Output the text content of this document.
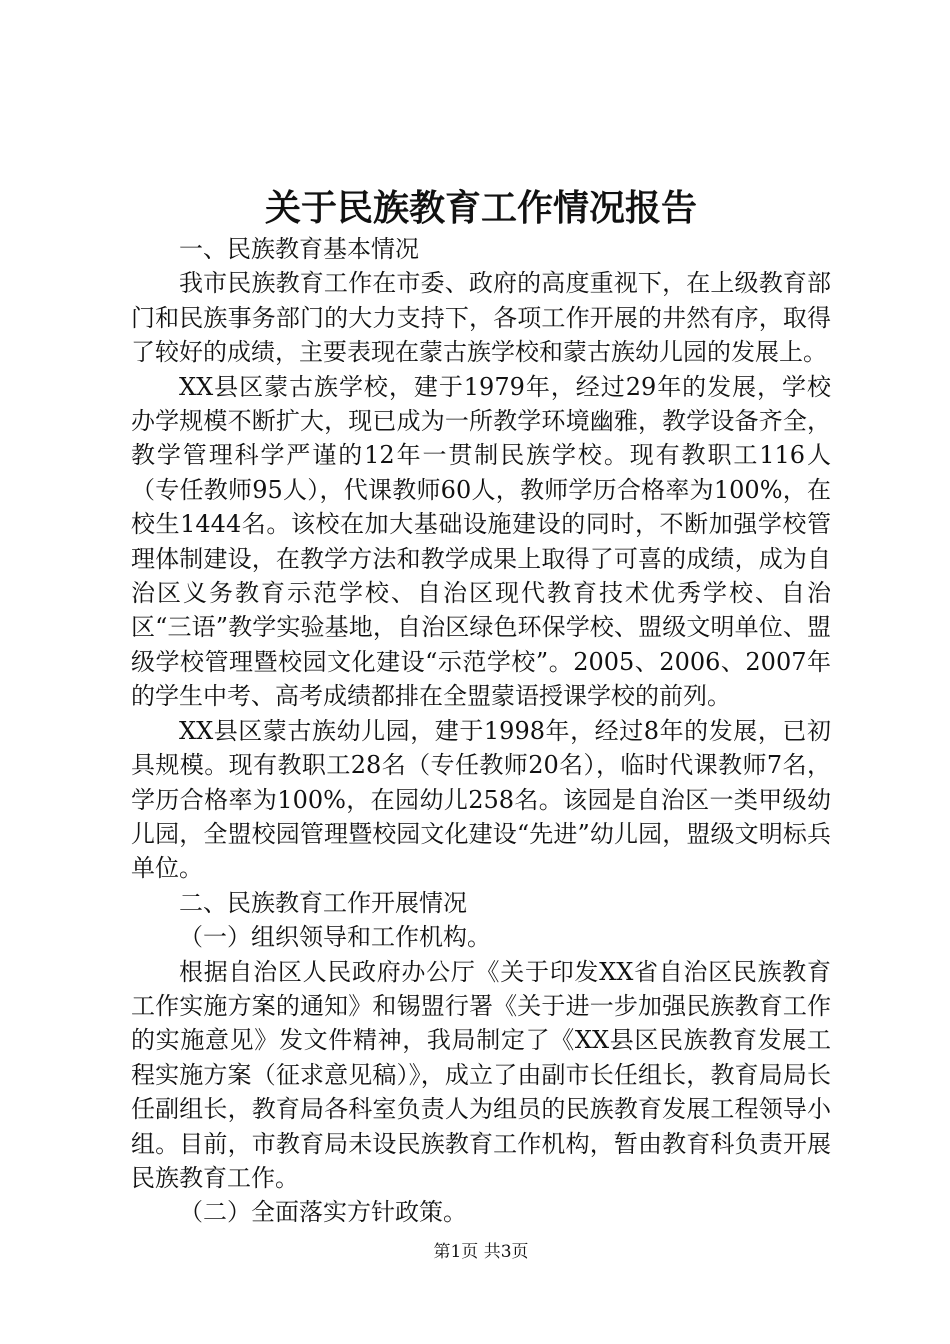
关于民族教育工作情况报告

一、民族教育基本情况

我市民族教育工作在市委、政府的高度重视下，在上级教育部门和民族事务部门的大力支持下，各项工作开展的井然有序，取得了较好的成绩，主要表现在蒙古族学校和蒙古族幼儿园的发展上。

XX县区蒙古族学校，建于1979年，经过29年的发展，学校办学规模不断扩大，现已成为一所教学环境幽雅，教学设备齐全，教学管理科学严谨的12年一贯制民族学校。现有教职工116人（专任教师95人），代课教师60人，教师学历合格率为100%，在校生1444名。该校在加大基础设施建设的同时，不断加强学校管理体制建设，在教学方法和教学成果上取得了可喜的成绩，成为自治区义务教育示范学校、自治区现代教育技术优秀学校、自治区“三语”教学实验基地，自治区绿色环保学校、盟级文明单位、盟级学校管理暨校园文化建设“示范学校”。2005、2006、2007年的学生中考、高考成绩都排在全盟蒙语授课学校的前列。

XX县区蒙古族幼儿园，建于1998年，经过8年的发展，已初具规模。现有教职工28名（专任教师20名），临时代课教师7名，学历合格率为100%，在园幼儿258名。该园是自治区一类甲级幼儿园，全盟校园管理暨校园文化建设“先进”幼儿园，盟级文明标兵单位。

二、民族教育工作开展情况

（一）组织领导和工作机构。

根据自治区人民政府办公厅《关于印发XX省自治区民族教育工作实施方案的通知》和锡盟行署《关于进一步加强民族教育工作的实施意见》发文件精神，我局制定了《XX县区民族教育发展工程实施方案（征求意见稿）》，成立了由副市长任组长，教育局局长任副组长，教育局各科室负责人为组员的民族教育发展工程领导小组。目前，市教育局未设民族教育工作机构，暂由教育科负责开展民族教育工作。

（二）全面落实方针政策。

第1页 共3页
